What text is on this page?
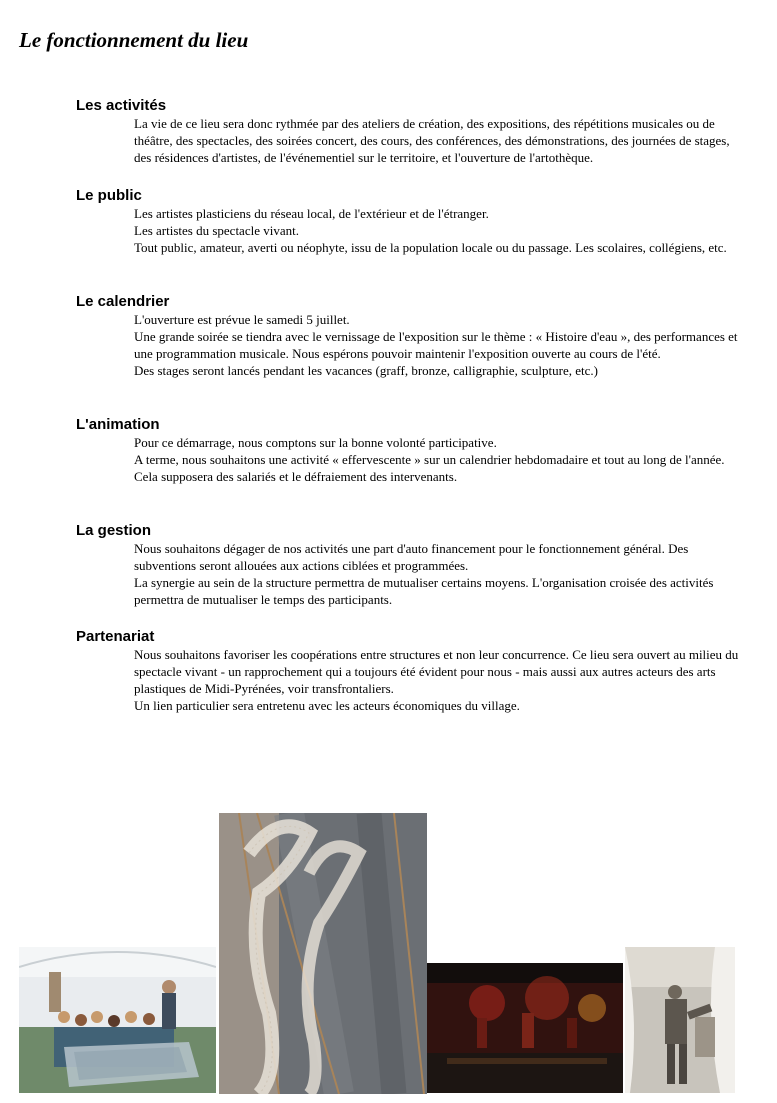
Le fonctionnement du lieu
Les activités

La vie de ce lieu sera donc rythmée par des ateliers de création, des expositions, des répétitions musicales ou de théâtre, des spectacles, des soirées concert, des cours, des conférences, des démonstrations, des journées de stages, des résidences d'artistes, de l'événementiel sur le territoire, et l'ouverture de l'artothèque.

Le public

Les artistes plasticiens du réseau local, de l'extérieur et de l'étranger.

Les artistes du spectacle vivant.

Tout public, amateur, averti ou néophyte, issu de la population locale ou du passage. Les scolaires, collégiens, etc.

Le calendrier

L'ouverture est prévue le samedi 5 juillet.

Une grande soirée se tiendra avec le vernissage de l'exposition sur le thème : « Histoire d'eau », des performances et une programmation musicale. Nous espérons pouvoir maintenir l'exposition ouverte au cours de l'été.

Des stages seront lancés pendant les vacances (graff, bronze, calligraphie, sculpture, etc.)

L'animation

Pour ce démarrage, nous comptons sur la bonne volonté participative.

A terme, nous souhaitons une activité « effervescente » sur un calendrier hebdomadaire et tout au long de l'année.

Cela supposera des salariés et le défraiement des intervenants.

La gestion

Nous souhaitons dégager de nos activités une part d'auto financement pour le fonctionnement général. Des subventions seront allouées aux actions ciblées et programmées.

La synergie au sein de la structure permettra de mutualiser certains moyens. L'organisation croisée des activités permettra de mutualiser le temps des participants.

Partenariat

Nous souhaitons favoriser les coopérations entre structures et non leur concurrence. Ce lieu sera ouvert au milieu du spectacle vivant - un rapprochement qui a toujours été évident pour nous - mais aussi aux autres acteurs des arts plastiques de Midi-Pyrénées, voir transfrontaliers.

Un lien particulier sera entretenu avec les acteurs économiques du village.
